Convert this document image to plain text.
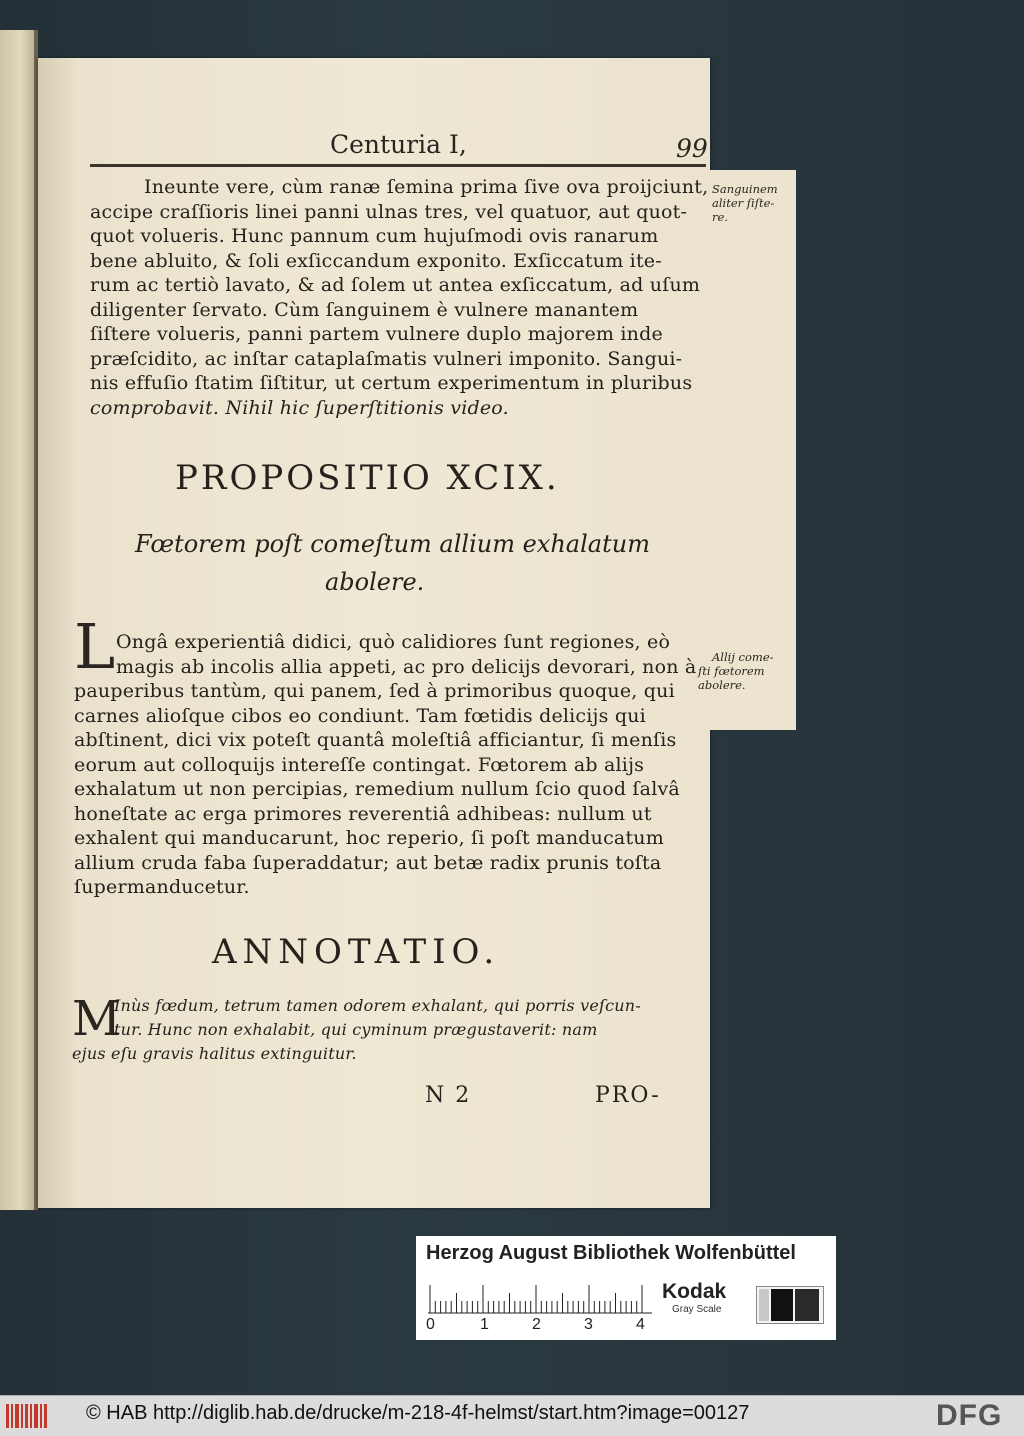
Centuria I,	99
Ineunte vere, cùm ranæ ſemina prima ſive ova proijciunt,
accipe craſſioris linei panni ulnas tres, vel quatuor, aut quot-
quot volueris. Hunc pannum cum hujuſmodi ovis ranarum
bene abluito, & ſoli exſiccandum exponito. Exſiccatum ite-
rum ac tertiò lavato, & ad ſolem ut antea exſiccatum, ad uſum
diligenter ſervato. Cùm ſanguinem è vulnere manantem
ſiſtere volueris, panni partem vulnere duplo majorem inde
præſcidito, ac inſtar cataplaſmatis vulneri imponito. Sangui-
nis effuſio ſtatim ſiſtitur, ut certum experimentum in pluribus
comprobavit. Nihil hic ſuperſtitionis video.
Sanguinem
aliter ſiſte-
re.
PROPOSITIO XCIX.
Fœtorem poſt comeſtum allium exhalatum
abolere.
L Ongâ experientiâ didici, quò calidiores ſunt regiones, eò
magis ab incolis allia appeti, ac pro delicijs devorari, non à
pauperibus tantùm, qui panem, ſed à primoribus quoque, qui
carnes alioſque cibos eo condiunt. Tam fœtidis delicijs qui
abſtinent, dici vix poteſt quantâ moleſtiâ afficiantur, ſi menſis
eorum aut colloquijs intereſſe contingat. Fœtorem ab alijs
exhalatum ut non percipias, remedium nullum ſcio quod ſalvâ
honeſtate ac erga primores reverentiâ adhibeas: nullum ut
exhalent qui manducarunt, hoc reperio, ſi poſt manducatum
allium cruda faba ſuperaddatur; aut betæ radix prunis toſta
ſupermanducetur.
Allij come-
ſti fœtorem
abolere.
ANNOTATIO.
M
Inùs fœdum, tetrum tamen odorem exhalant, qui porris veſcun-
tur. Hunc non exhalabit, qui cyminum prægustaverit: nam
ejus eſu gravis halitus extinguitur.
N 2	PRO-
Herzog August Bibliothek Wolfenbüttel
0	1	2	3	4
Kodak
Gray Scale
© HAB http://diglib.hab.de/drucke/m-218-4f-helmst/start.htm?image=00127	DFG
